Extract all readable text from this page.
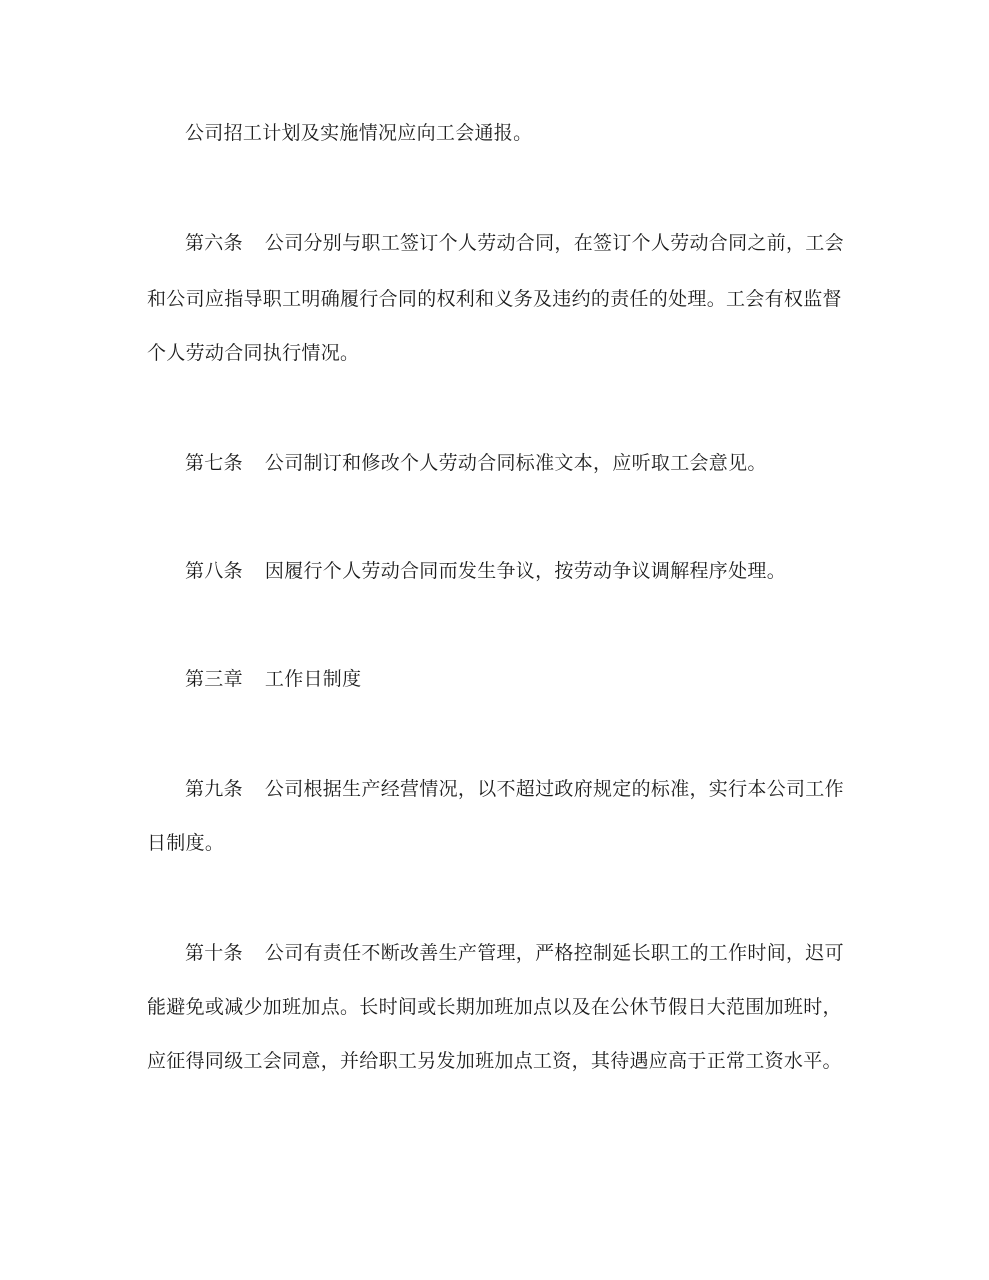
公司招工计划及实施情况应向工会通报。
第六条 公司分别与职工签订个人劳动合同，在签订个人劳动合同之前，工会
和公司应指导职工明确履行合同的权利和义务及违约的责任的处理。工会有权监督
个人劳动合同执行情况。
第七条 公司制订和修改个人劳动合同标准文本，应听取工会意见。
第八条 因履行个人劳动合同而发生争议，按劳动争议调解程序处理。
第三章 工作日制度
第九条 公司根据生产经营情况，以不超过政府规定的标准，实行本公司工作
日制度。
第十条 公司有责任不断改善生产管理，严格控制延长职工的工作时间，迟可
能避免或减少加班加点。长时间或长期加班加点以及在公休节假日大范围加班时，
应征得同级工会同意，并给职工另发加班加点工资，其待遇应高于正常工资水平。
